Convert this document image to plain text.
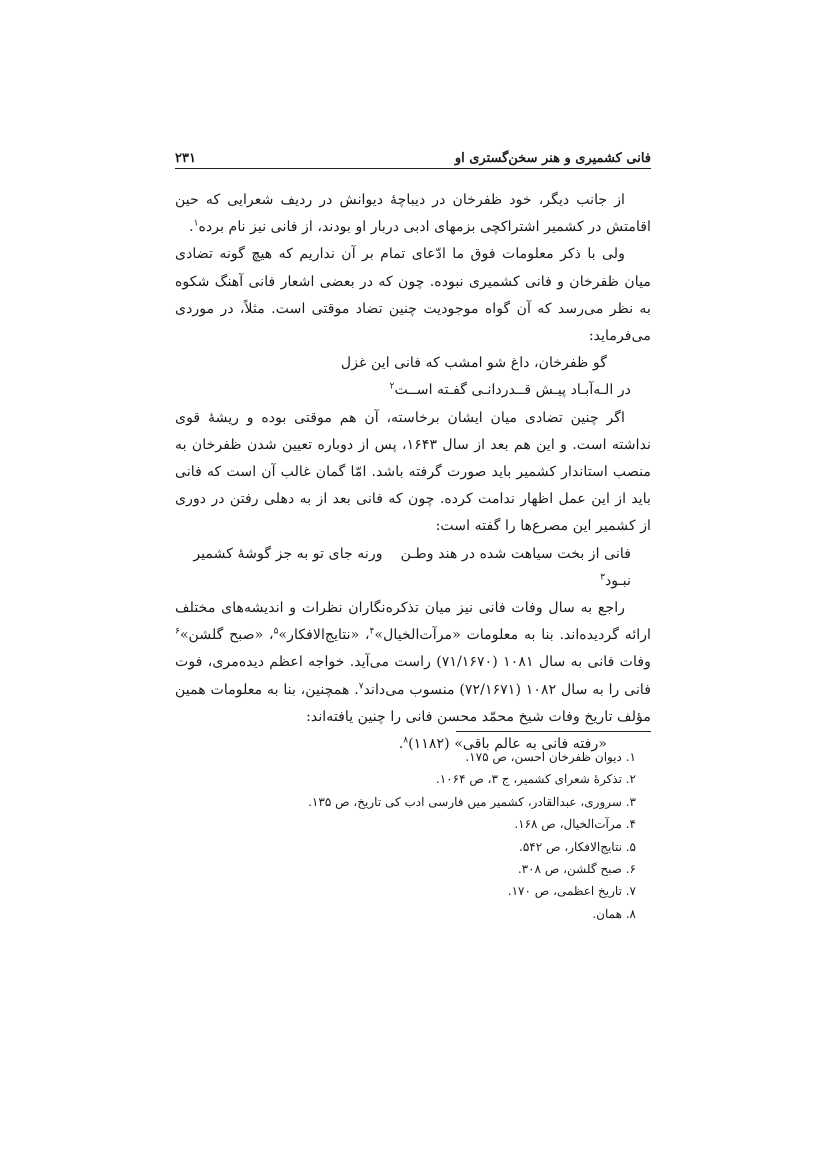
فانی کشمیری و هنر سخن‌گستری او
۲۳۱

از جانب دیگر، خود ظفرخان در دیباچهٔ دیوانش در ردیف شعرایی که حین اقامتش در کشمیر اشتراکچی بزمهای ادبی دربار او بودند، از فانی نیز نام برده$^۱$.

ولی با ذکر معلومات فوق ما ادّعای تمام بر آن نداریم که هیچ گونه تضادی میان ظفرخان و فانی کشمیری نبوده. چون که در بعضی اشعار فانی آهنگ شکوه به نظر می‌رسد که آن گواه موجودیت چنین تضاد موقتی است. مثلاً، در موردی می‌فرماید:

گو ظفرخان، داغ شو امشب که فانی این غزل
در الـه‌آبـاد پیـش قــدردانـی گفـته اســت$^۲$

اگر چنین تضادی میان ایشان برخاسته، آن هم موقتی بوده و ریشهٔ قوی نداشته است. و این هم بعد از سال ۱۶۴۳، پس از دوباره تعیین شدن ظفرخان به منصب استاندار کشمیر باید صورت گرفته باشد. امّا گمان غالب آن است که فانی باید از این عمل اظهار ندامت کرده. چون که فانی بعد از به دهلی رفتن در دوری از کشمیر این مصرع‌ها را گفته است:

فانی از بخت سیاهت شده در هند وطـنورنه جای تو به جز گوشهٔ کشمیر نبـود$^۳$

راجع به سال وفات فانی نیز میان تذکره‌نگاران نظرات و اندیشه‌های مختلف ارائه گردیده‌اند. بنا به معلومات «مرآت‌الخیال»$^۴$، «نتایج‌الافکار»$^۵$، «صبح گلشن»$^۶$ وفات فانی به سال ۱۰۸۱ (۷۱/۱۶۷۰) راست می‌آید. خواجه اعظم دیده‌مری، فوت فانی را به سال ۱۰۸۲ (۷۲/۱۶۷۱) منسوب می‌داند$^۷$. همچنین، بنا به معلومات همین مؤلف تاریخ وفات شیخ محمّد محسن فانی را چنین یافته‌اند:

«رفته فانی به عالم باقی» (۱۱۸۲)$^۸$.
۱. دیوان ظفرخان احسن، ص ۱۷۵.
۲. تذکرهٔ شعرای کشمیر، ج ۳، ص ۱۰۶۴.
۳. سروری، عبدالقادر، کشمیر میں فارسی ادب کی تاریخ، ص ۱۳۵.
۴. مرآت‌الخیال، ص ۱۶۸.
۵. نتایج‌الافکار، ص ۵۴۲.
۶. صبح گلشن، ص ۳۰۸.
۷. تاریخ اعظمی، ص ۱۷۰.
۸. همان.
